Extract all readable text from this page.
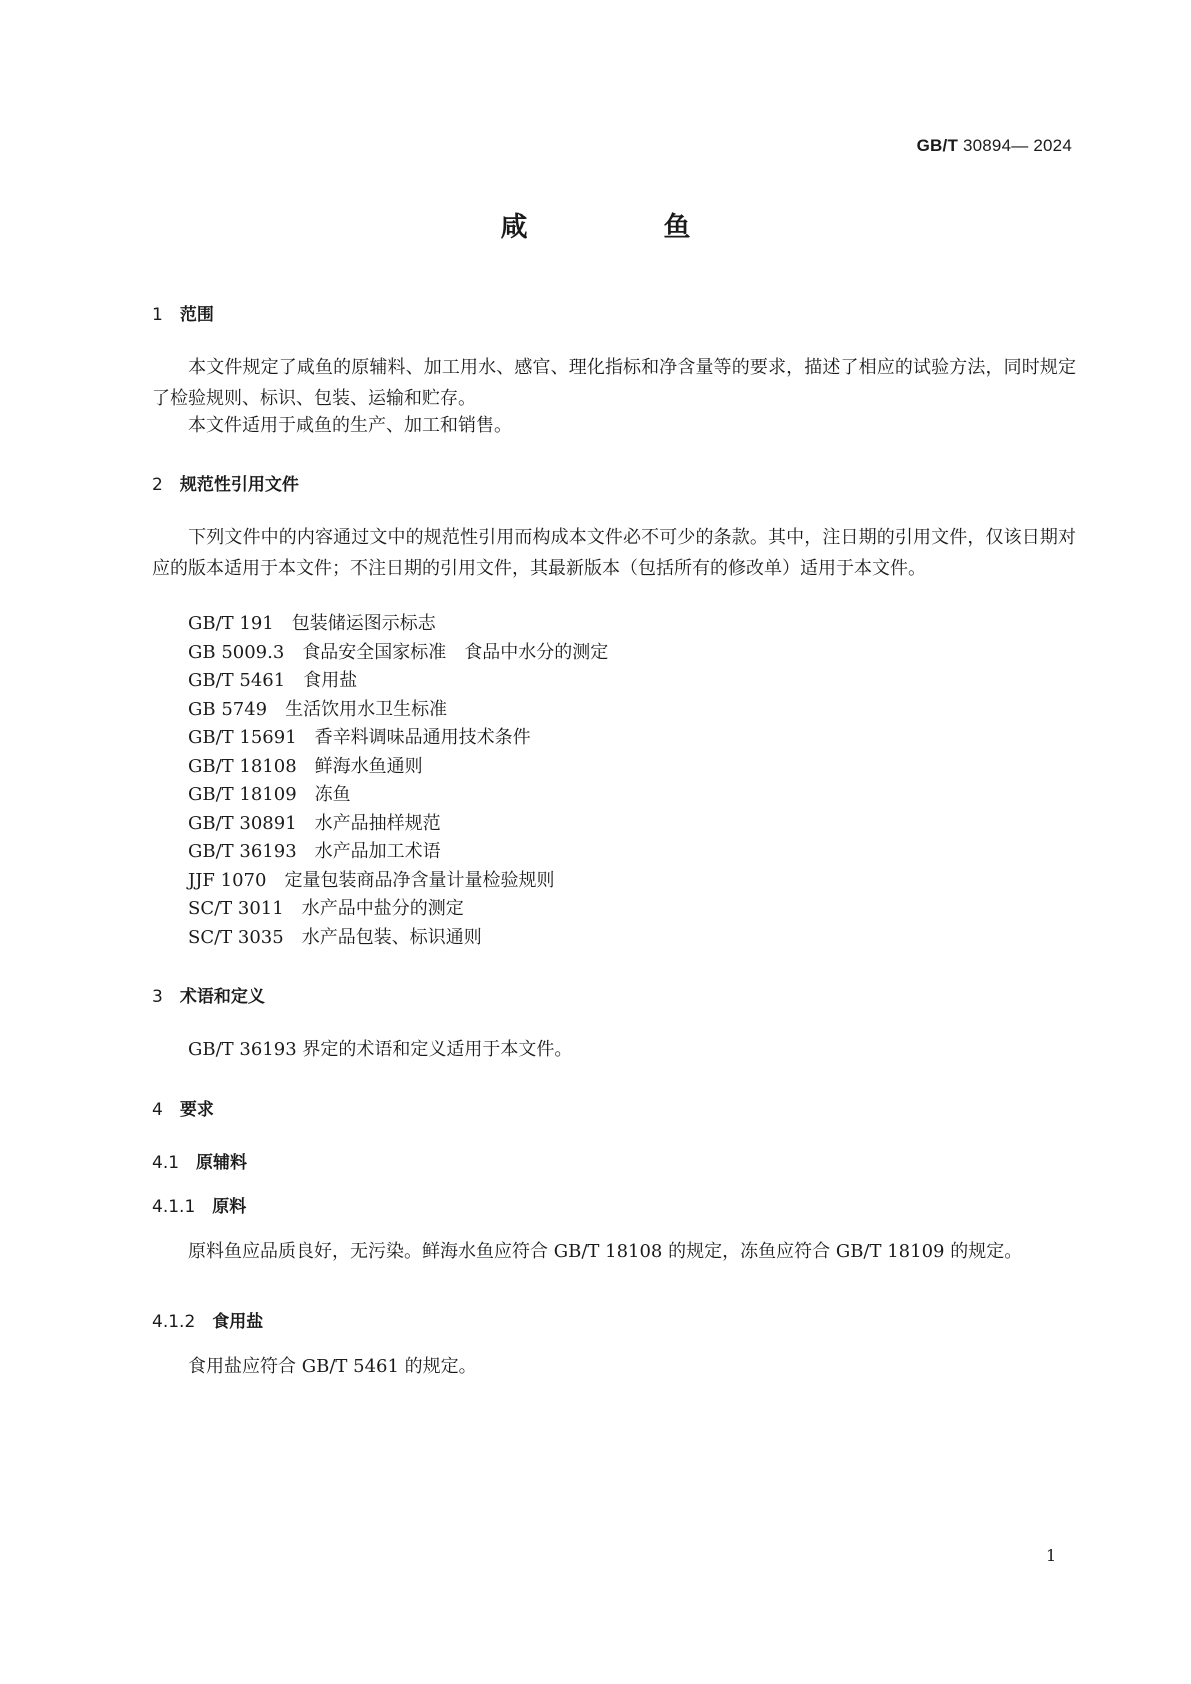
GB/T 30894— 2024
咸	鱼
1 范围
本文件规定了咸鱼的原辅料、加工用水、感官、理化指标和净含量等的要求，描述了相应的试验方法，同时规定了检验规则、标识、包装、运输和贮存。
本文件适用于咸鱼的生产、加工和销售。
2 规范性引用文件
下列文件中的内容通过文中的规范性引用而构成本文件必不可少的条款。其中，注日期的引用文件，仅该日期对应的版本适用于本文件；不注日期的引用文件，其最新版本（包括所有的修改单）适用于本文件。
GB/T 191 包装储运图示标志
GB 5009.3 食品安全国家标准　食品中水分的测定
GB/T 5461 食用盐
GB 5749 生活饮用水卫生标准
GB/T 15691 香辛料调味品通用技术条件
GB/T 18108 鲜海水鱼通则
GB/T 18109 冻鱼
GB/T 30891 水产品抽样规范
GB/T 36193 水产品加工术语
JJF 1070 定量包装商品净含量计量检验规则
SC/T 3011 水产品中盐分的测定
SC/T 3035 水产品包装、标识通则
3 术语和定义
GB/T 36193 界定的术语和定义适用于本文件。
4 要求
4.1 原辅料
4.1.1 原料
原料鱼应品质良好，无污染。鲜海水鱼应符合 GB/T 18108 的规定，冻鱼应符合 GB/T 18109 的规定。
4.1.2 食用盐
食用盐应符合 GB/T 5461 的规定。
1
